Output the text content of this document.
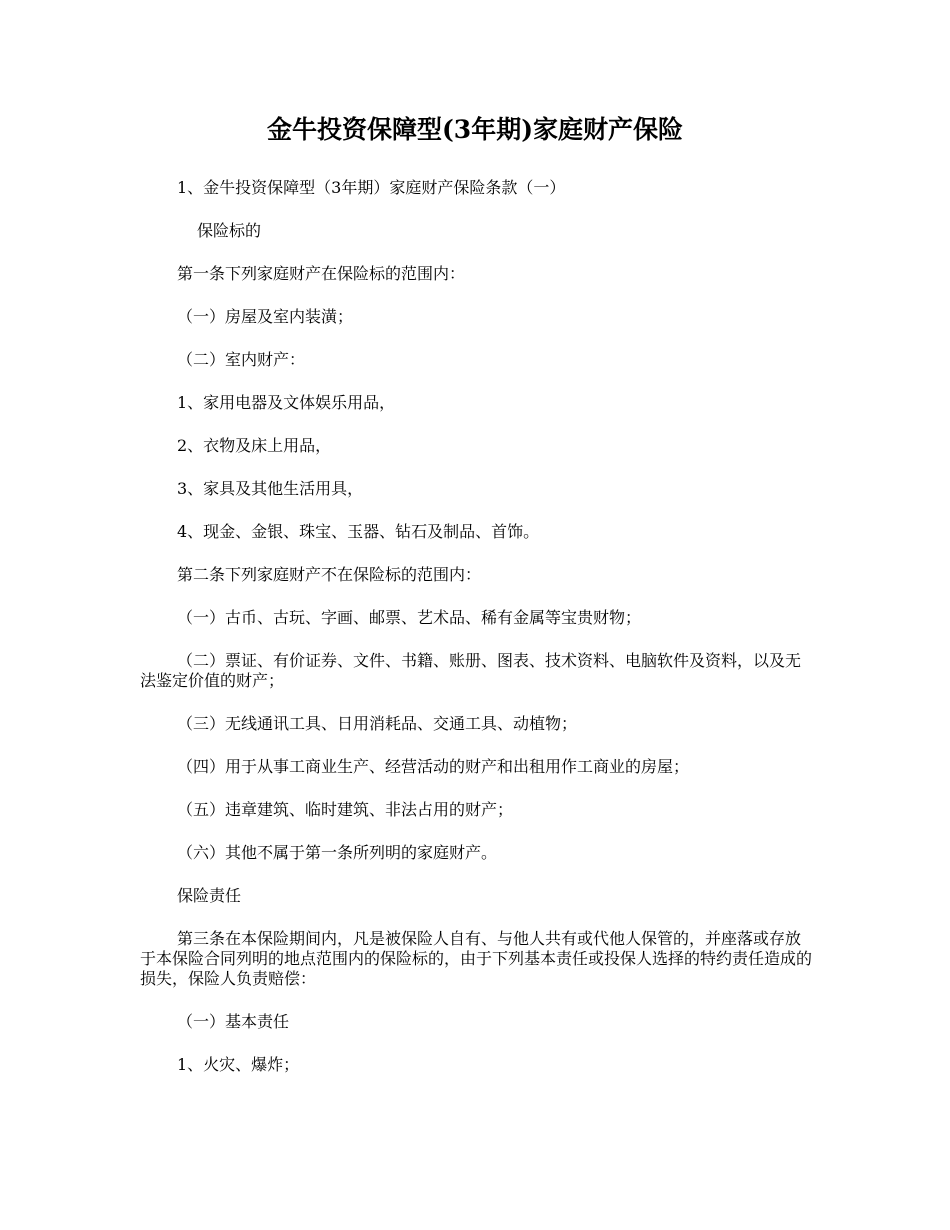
金牛投资保障型(3年期)家庭财产保险

1、金牛投资保障型（3年期）家庭财产保险条款（一）

保险标的

第一条下列家庭财产在保险标的范围内：

（一）房屋及室内装潢；

（二）室内财产：

1、家用电器及文体娱乐用品，

2、衣物及床上用品，

3、家具及其他生活用具，

4、现金、金银、珠宝、玉器、钻石及制品、首饰。

第二条下列家庭财产不在保险标的范围内：

（一）古币、古玩、字画、邮票、艺术品、稀有金属等宝贵财物；

（二）票证、有价证券、文件、书籍、账册、图表、技术资料、电脑软件及资料，以及无法鉴定价值的财产；

（三）无线通讯工具、日用消耗品、交通工具、动植物；

（四）用于从事工商业生产、经营活动的财产和出租用作工商业的房屋；

（五）违章建筑、临时建筑、非法占用的财产；

（六）其他不属于第一条所列明的家庭财产。

保险责任

第三条在本保险期间内，凡是被保险人自有、与他人共有或代他人保管的，并座落或存放于本保险合同列明的地点范围内的保险标的，由于下列基本责任或投保人选择的特约责任造成的损失，保险人负责赔偿：

（一）基本责任

1、火灾、爆炸；
